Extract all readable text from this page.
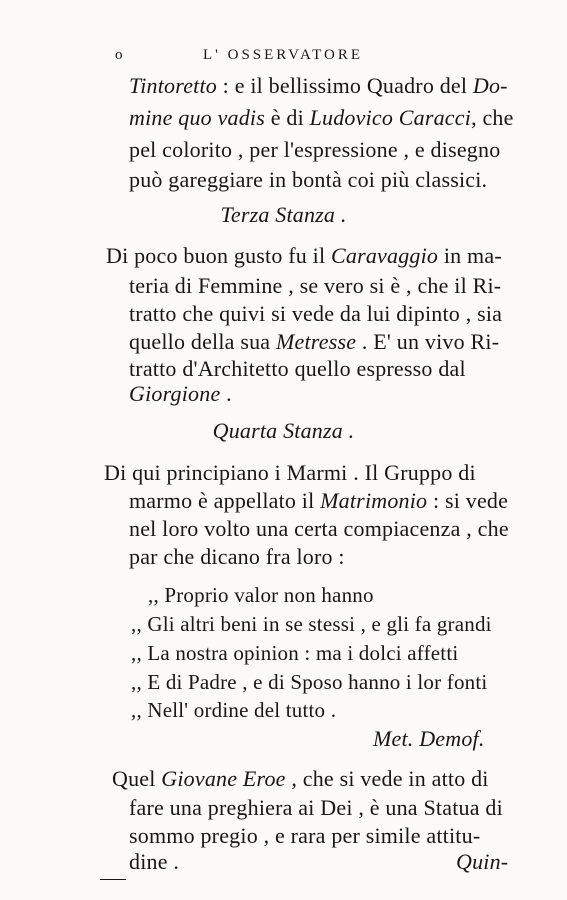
o	L' OSSERVATORE
Tintoretto : e il bellissimo Quadro del Do-
mine quo vadis è di Ludovico Caracci, che
pel colorito , per l'espressione , e disegno
può gareggiare in bontà coi più classici.
Terza Stanza .
Di poco buon gusto fu il Caravaggio in ma-
teria di Femmine , se vero si è , che il Ri-
tratto che quivi si vede da lui dipinto , sia
quello della sua Metresse . E' un vivo Ri-
tratto d'Architetto quello espresso dal
Giorgione .
Quarta Stanza .
Di qui principiano i Marmi . Il Gruppo di
marmo è appellato il Matrimonio : si vede
nel loro volto una certa compiacenza , che
par che dicano fra loro :
,, Proprio valor non hanno
,, Gli altri beni in se stessi , e gli fa grandi
,, La nostra opinion : ma i dolci affetti
,, E di Padre , e di Sposo hanno i lor fonti
,, Nell' ordine del tutto .
Met. Demof.
Quel Giovane Eroe , che si vede in atto di
fare una preghiera ai Dei , è una Statua di
sommo pregio , e rara per simile attitu-
dine .	Quin-
